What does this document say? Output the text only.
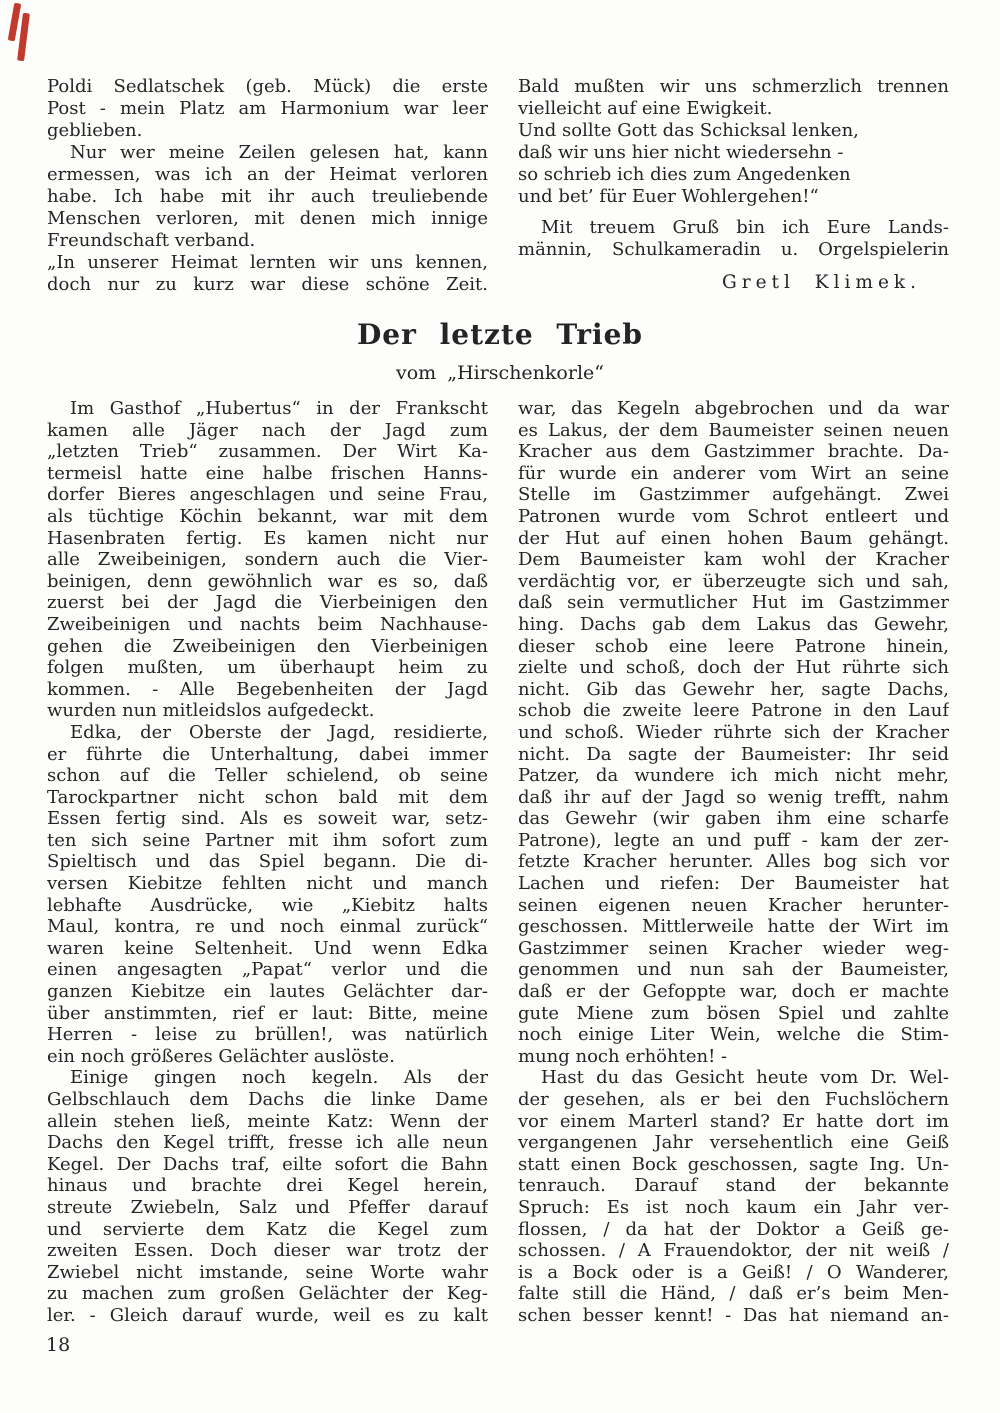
Poldi Sedlatschek (geb. Mück) die erste
Post - mein Platz am Harmonium war leer
geblieben.
Nur wer meine Zeilen gelesen hat, kann
ermessen, was ich an der Heimat verloren
habe. Ich habe mit ihr auch treuliebende
Menschen verloren, mit denen mich innige
Freundschaft verband.
„In unserer Heimat lernten wir uns kennen,
doch nur zu kurz war diese schöne Zeit.
Bald mußten wir uns schmerzlich trennen
vielleicht auf eine Ewigkeit.
Und sollte Gott das Schicksal lenken,
daß wir uns hier nicht wiedersehn -
so schrieb ich dies zum Angedenken
und bet’ für Euer Wohlergehen!“
Mit treuem Gruß bin ich Eure Lands-
männin, Schulkameradin u. Orgelspielerin
Gretl Klimek.
Der letzte Trieb
vom „Hirschenkorle“
Im Gasthof „Hubertus“ in der Frankscht
kamen alle Jäger nach der Jagd zum
„letzten Trieb“ zusammen. Der Wirt Ka-
termeisl hatte eine halbe frischen Hanns-
dorfer Bieres angeschlagen und seine Frau,
als tüchtige Köchin bekannt, war mit dem
Hasenbraten fertig. Es kamen nicht nur
alle Zweibeinigen, sondern auch die Vier-
beinigen, denn gewöhnlich war es so, daß
zuerst bei der Jagd die Vierbeinigen den
Zweibeinigen und nachts beim Nachhause-
gehen die Zweibeinigen den Vierbeinigen
folgen mußten, um überhaupt heim zu
kommen. - Alle Begebenheiten der Jagd
wurden nun mitleidslos aufgedeckt.
Edka, der Oberste der Jagd, residierte,
er führte die Unterhaltung, dabei immer
schon auf die Teller schielend, ob seine
Tarockpartner nicht schon bald mit dem
Essen fertig sind. Als es soweit war, setz-
ten sich seine Partner mit ihm sofort zum
Spieltisch und das Spiel begann. Die di-
versen Kiebitze fehlten nicht und manch
lebhafte Ausdrücke, wie „Kiebitz halts
Maul, kontra, re und noch einmal zurück“
waren keine Seltenheit. Und wenn Edka
einen angesagten „Papat“ verlor und die
ganzen Kiebitze ein lautes Gelächter dar-
über anstimmten, rief er laut: Bitte, meine
Herren - leise zu brüllen!, was natürlich
ein noch größeres Gelächter auslöste.
Einige gingen noch kegeln. Als der
Gelbschlauch dem Dachs die linke Dame
allein stehen ließ, meinte Katz: Wenn der
Dachs den Kegel trifft, fresse ich alle neun
Kegel. Der Dachs traf, eilte sofort die Bahn
hinaus und brachte drei Kegel herein,
streute Zwiebeln, Salz und Pfeffer darauf
und servierte dem Katz die Kegel zum
zweiten Essen. Doch dieser war trotz der
Zwiebel nicht imstande, seine Worte wahr
zu machen zum großen Gelächter der Keg-
ler. - Gleich darauf wurde, weil es zu kalt
war, das Kegeln abgebrochen und da war
es Lakus, der dem Baumeister seinen neuen
Kracher aus dem Gastzimmer brachte. Da-
für wurde ein anderer vom Wirt an seine
Stelle im Gastzimmer aufgehängt. Zwei
Patronen wurde vom Schrot entleert und
der Hut auf einen hohen Baum gehängt.
Dem Baumeister kam wohl der Kracher
verdächtig vor, er überzeugte sich und sah,
daß sein vermutlicher Hut im Gastzimmer
hing. Dachs gab dem Lakus das Gewehr,
dieser schob eine leere Patrone hinein,
zielte und schoß, doch der Hut rührte sich
nicht. Gib das Gewehr her, sagte Dachs,
schob die zweite leere Patrone in den Lauf
und schoß. Wieder rührte sich der Kracher
nicht. Da sagte der Baumeister: Ihr seid
Patzer, da wundere ich mich nicht mehr,
daß ihr auf der Jagd so wenig trefft, nahm
das Gewehr (wir gaben ihm eine scharfe
Patrone), legte an und puff - kam der zer-
fetzte Kracher herunter. Alles bog sich vor
Lachen und riefen: Der Baumeister hat
seinen eigenen neuen Kracher herunter-
geschossen. Mittlerweile hatte der Wirt im
Gastzimmer seinen Kracher wieder weg-
genommen und nun sah der Baumeister,
daß er der Gefoppte war, doch er machte
gute Miene zum bösen Spiel und zahlte
noch einige Liter Wein, welche die Stim-
mung noch erhöhten! -
Hast du das Gesicht heute vom Dr. Wel-
der gesehen, als er bei den Fuchslöchern
vor einem Marterl stand? Er hatte dort im
vergangenen Jahr versehentlich eine Geiß
statt einen Bock geschossen, sagte Ing. Un-
tenrauch. Darauf stand der bekannte
Spruch: Es ist noch kaum ein Jahr ver-
flossen, / da hat der Doktor a Geiß ge-
schossen. / A Frauendoktor, der nit weiß /
is a Bock oder is a Geiß! / O Wanderer,
falte still die Händ, / daß er’s beim Men-
schen besser kennt! - Das hat niemand an-
18
